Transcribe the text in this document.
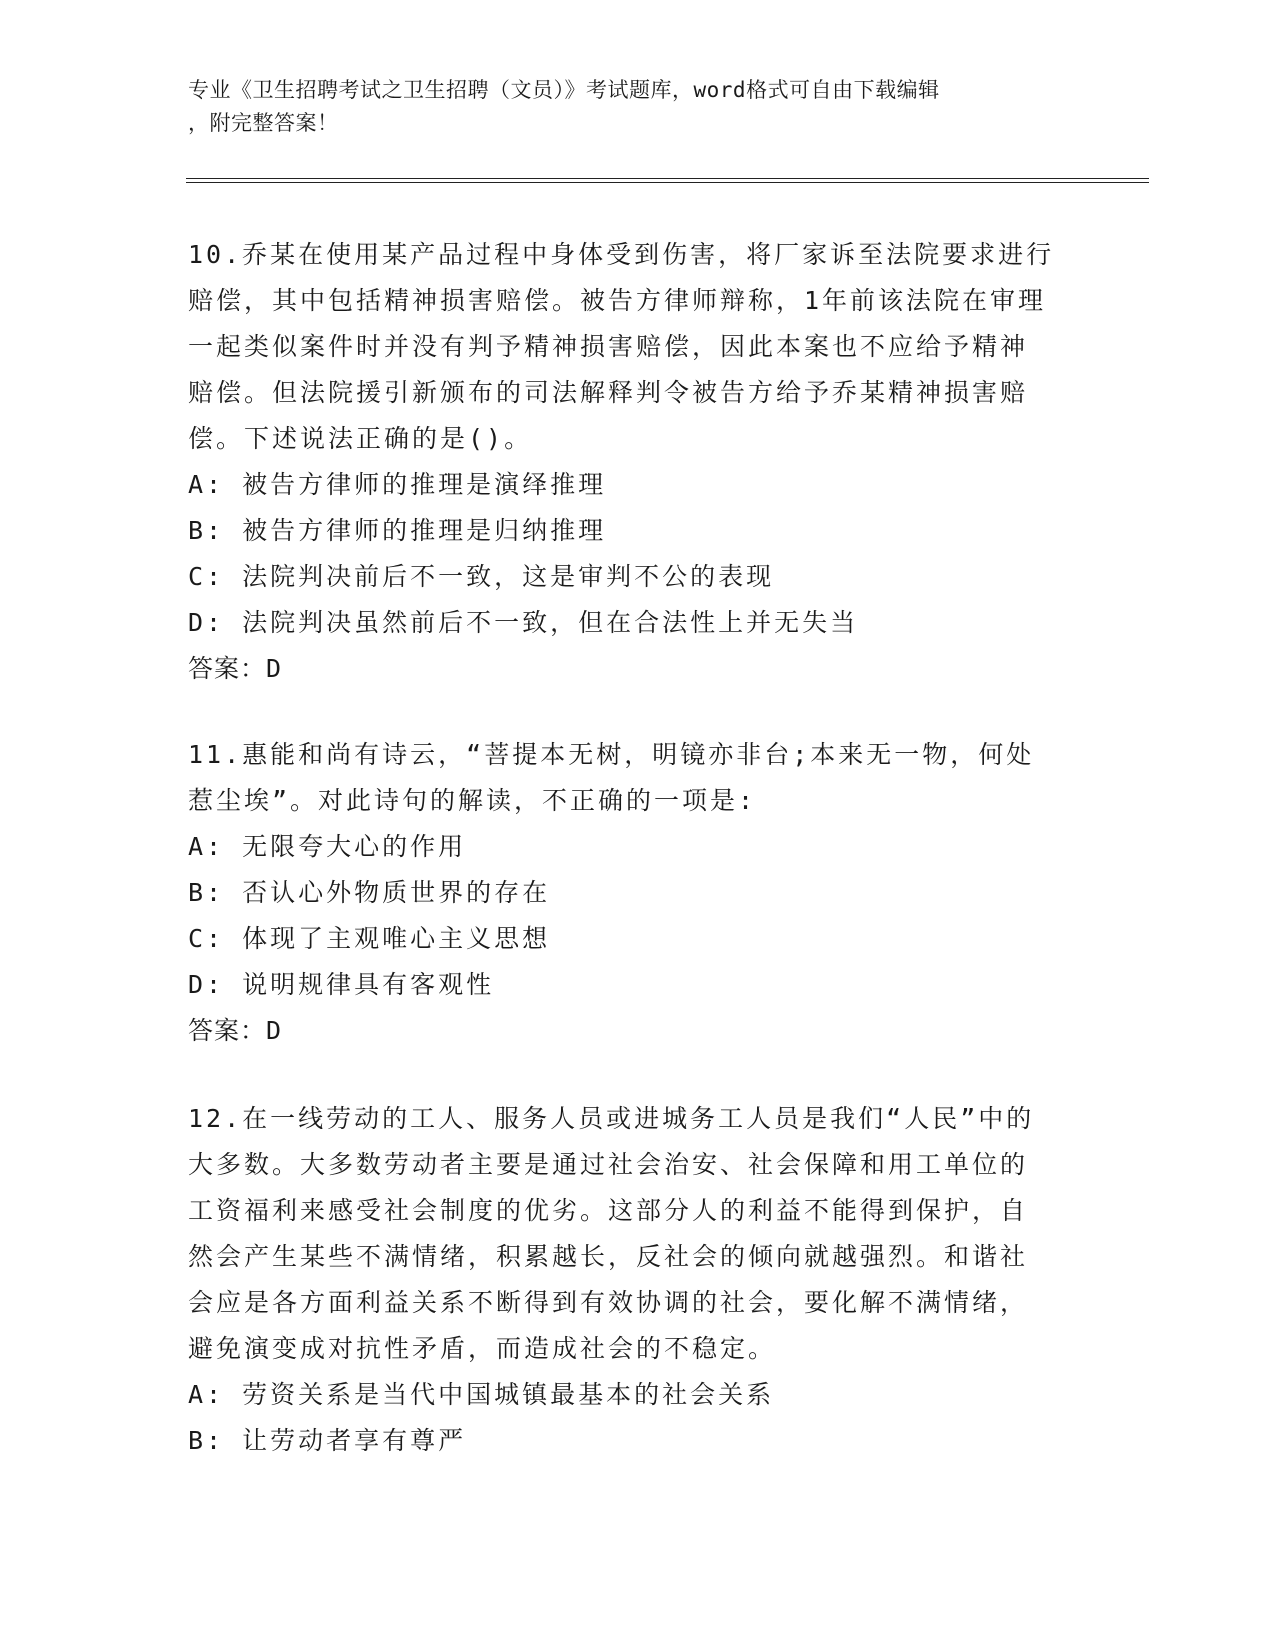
专业《卫生招聘考试之卫生招聘（文员）》考试题库，word格式可自由下载编辑
，附完整答案！
10.乔某在使用某产品过程中身体受到伤害，将厂家诉至法院要求进行
赔偿，其中包括精神损害赔偿。被告方律师辩称，1年前该法院在审理
一起类似案件时并没有判予精神损害赔偿，因此本案也不应给予精神
赔偿。但法院援引新颁布的司法解释判令被告方给予乔某精神损害赔
偿。下述说法正确的是()。
A: 被告方律师的推理是演绎推理
B: 被告方律师的推理是归纳推理
C: 法院判决前后不一致，这是审判不公的表现
D: 法院判决虽然前后不一致，但在合法性上并无失当
答案：D
11.惠能和尚有诗云，“菩提本无树，明镜亦非台;本来无一物，何处
惹尘埃”。对此诗句的解读，不正确的一项是:
A: 无限夸大心的作用
B: 否认心外物质世界的存在
C: 体现了主观唯心主义思想
D: 说明规律具有客观性
答案：D
12.在一线劳动的工人、服务人员或进城务工人员是我们“人民”中的
大多数。大多数劳动者主要是通过社会治安、社会保障和用工单位的
工资福利来感受社会制度的优劣。这部分人的利益不能得到保护，自
然会产生某些不满情绪，积累越长，反社会的倾向就越强烈。和谐社
会应是各方面利益关系不断得到有效协调的社会，要化解不满情绪，
避免演变成对抗性矛盾，而造成社会的不稳定。
A: 劳资关系是当代中国城镇最基本的社会关系
B: 让劳动者享有尊严
